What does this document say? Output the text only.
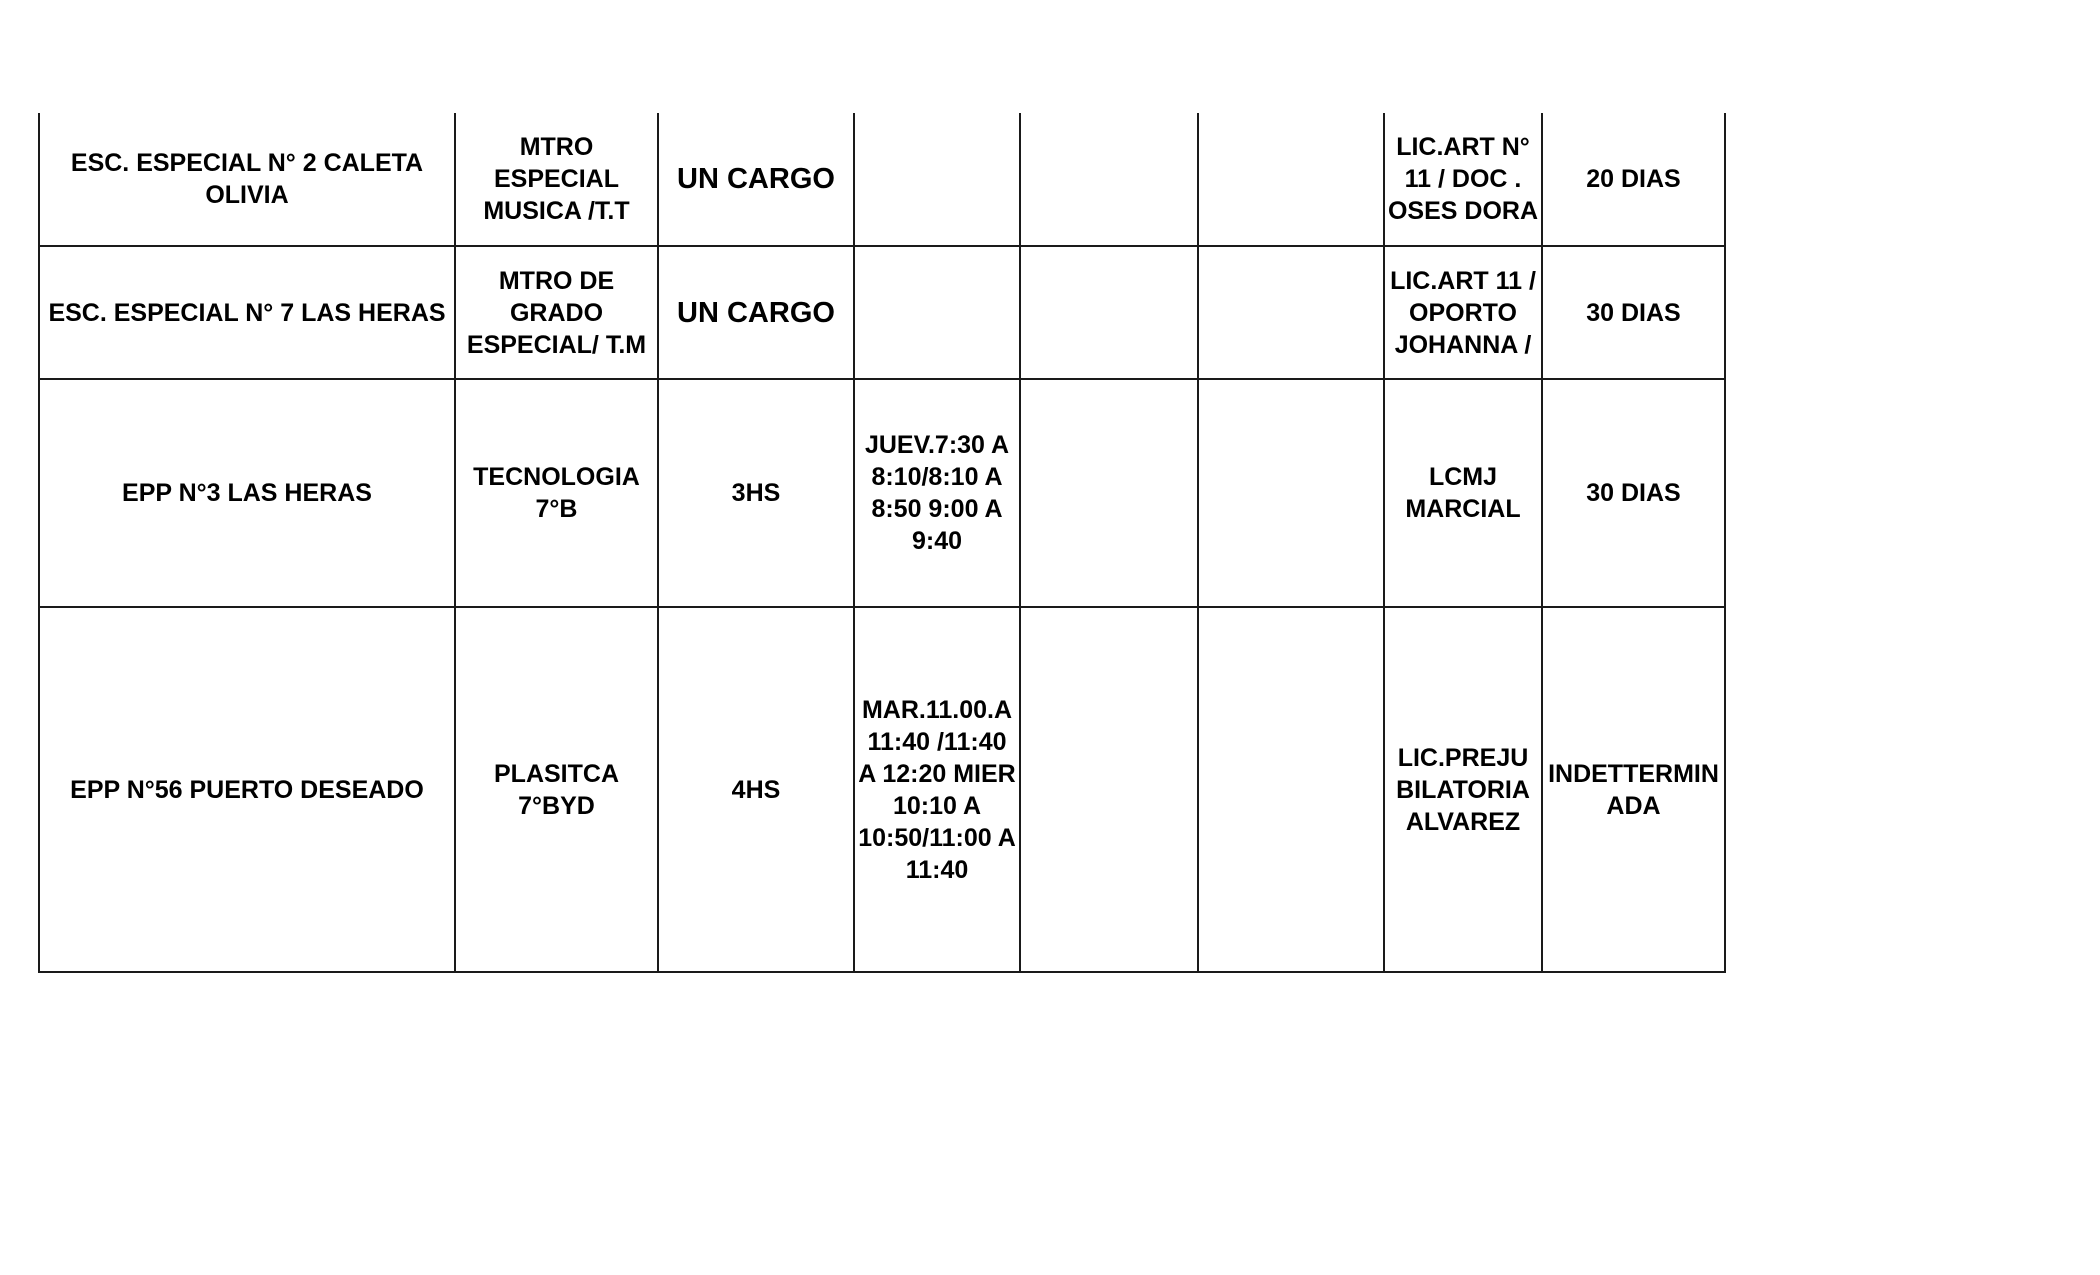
ESC. ESPECIAL N° 2 CALETA OLIVIA	MTRO ESPECIAL MUSICA /T.T	UN CARGO				LIC.ART N° 11 / DOC . OSES DORA	20 DIAS
ESC. ESPECIAL N° 7 LAS HERAS	MTRO DE GRADO ESPECIAL/ T.M	UN CARGO				LIC.ART 11 / OPORTO JOHANNA /	30 DIAS
EPP N°3 LAS HERAS	TECNOLOGIA 7°B	3HS	JUEV.7:30 A 8:10/8:10 A 8:50 9:00 A 9:40			LCMJ MARCIAL	30 DIAS
EPP N°56 PUERTO DESEADO	PLASITCA 7°BYD	4HS	MAR.11.00.A 11:40 /11:40 A 12:20 MIER 10:10 A 10:50/11:00 A 11:40			LIC.PREJU BILATORIA ALVAREZ	INDETTERMIN ADA
